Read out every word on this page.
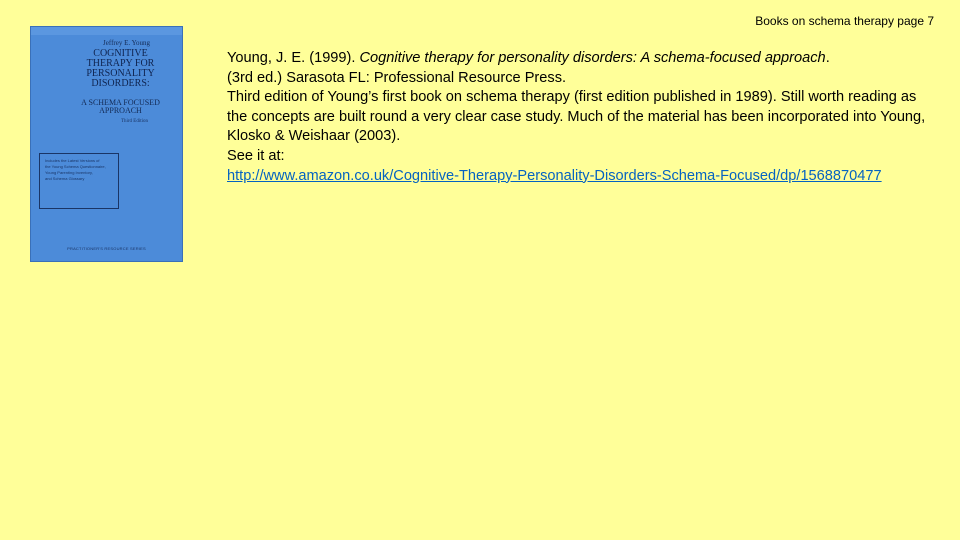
Books on schema therapy page 7
Jeffrey E. Young
COGNITIVE
THERAPY FOR
PERSONALITY
DISORDERS:
A SCHEMA FOCUSED
APPROACH
Third Edition
Includes the Latest Versions of
the Young Schema Questionnaire,
Young Parenting Inventory,
and Schema Glossary
PRACTITIONER'S RESOURCE SERIES

Young, J. E. (1999). Cognitive therapy for personality disorders: A schema-focused approach.

(3rd ed.) Sarasota FL: Professional Resource Press.

Third edition of Young’s first book on schema therapy (first edition published in 1989). Still worth reading as the concepts are built round a very clear case study. Much of the material has been incorporated into Young, Klosko & Weishaar (2003).

See it at:

http://www.amazon.co.uk/Cognitive-Therapy-Personality-Disorders-Schema-Focused/dp/1568870477
